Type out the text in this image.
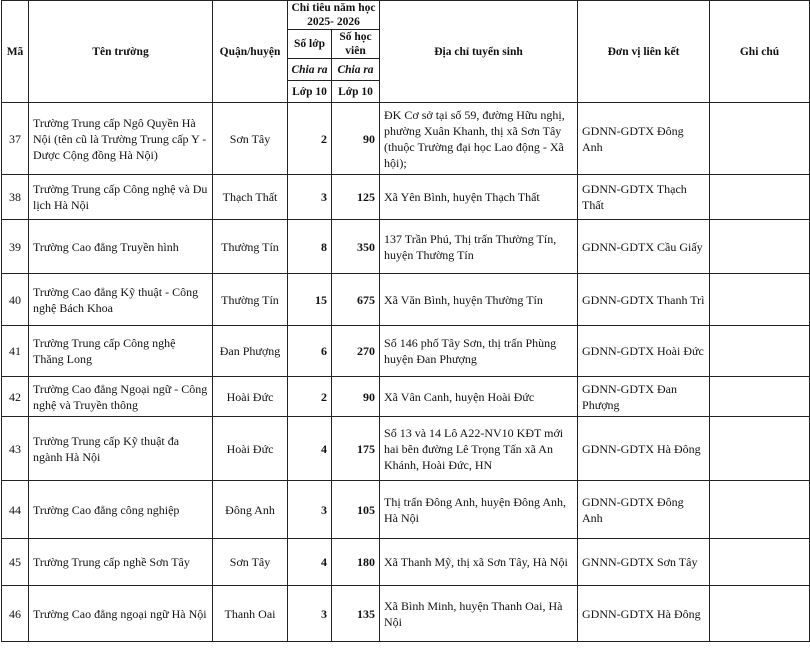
Mã	Tên trường	Quận/huyện	Chỉ tiêu năm học 2025- 2026		Địa chỉ tuyển sinh	Đơn vị liên kết	Ghi chú
			Số lớp	Số học viên			
			Chia ra	Chia ra			
			Lớp 10	Lớp 10			
37	Trường Trung cấp Ngô Quyền Hà Nội (tên cũ là Trường Trung cấp Y - Dược Cộng đồng Hà Nội)	Sơn Tây	2	90	ĐK Cơ sở tại số 59, đường Hữu nghị, phường Xuân Khanh, thị xã Sơn Tây (thuộc Trường đại học Lao động - Xã hội);	GDNN-GDTX Đông Anh	
38	Trường Trung cấp Công nghệ và Du lịch Hà Nội	Thạch Thất	3	125	Xã Yên Bình, huyện Thạch Thất	GDNN-GDTX Thạch Thất	
39	Trường Cao đẳng Truyền hình	Thường Tín	8	350	137 Trần Phú, Thị trấn Thường Tín, huyện Thường Tín	GDNN-GDTX Cầu Giấy	
40	Trường Cao đẳng Kỹ thuật - Công nghệ Bách Khoa	Thường Tín	15	675	Xã Văn Bình, huyện Thường Tín	GDNN-GDTX Thanh Trì	
41	Trường Trung cấp Công nghệ Thăng Long	Đan Phượng	6	270	Số 146 phố Tây Sơn, thị trấn Phùng huyện Đan Phượng	GDNN-GDTX Hoài Đức	
42	Trường Cao đẳng Ngoại ngữ - Công nghệ và Truyền thông	Hoài Đức	2	90	Xã Vân Canh, huyện Hoài Đức	GDNN-GDTX Đan Phượng	
43	Trường Trung cấp Kỹ thuật đa ngành Hà Nội	Hoài Đức	4	175	Số 13 và 14 Lô A22-NV10 KĐT mới hai bên đường Lê Trọng Tấn xã An Khánh, Hoài Đức, HN	GDNN-GDTX Hà Đông	
44	Trường Cao đẳng công nghiệp	Đông Anh	3	105	Thị trấn Đông Anh, huyện Đông Anh, Hà Nội	GDNN-GDTX Đông Anh	
45	Trường Trung cấp nghề Sơn Tây	Sơn Tây	4	180	Xã Thanh Mỹ, thị xã Sơn Tây, Hà Nội	GNNN-GDTX Sơn Tây	
46	Trường Cao đẳng ngoại ngữ Hà Nội	Thanh Oai	3	135	Xã Bình Minh, huyện Thanh Oai, Hà Nội	GDNN-GDTX Hà Đông	
